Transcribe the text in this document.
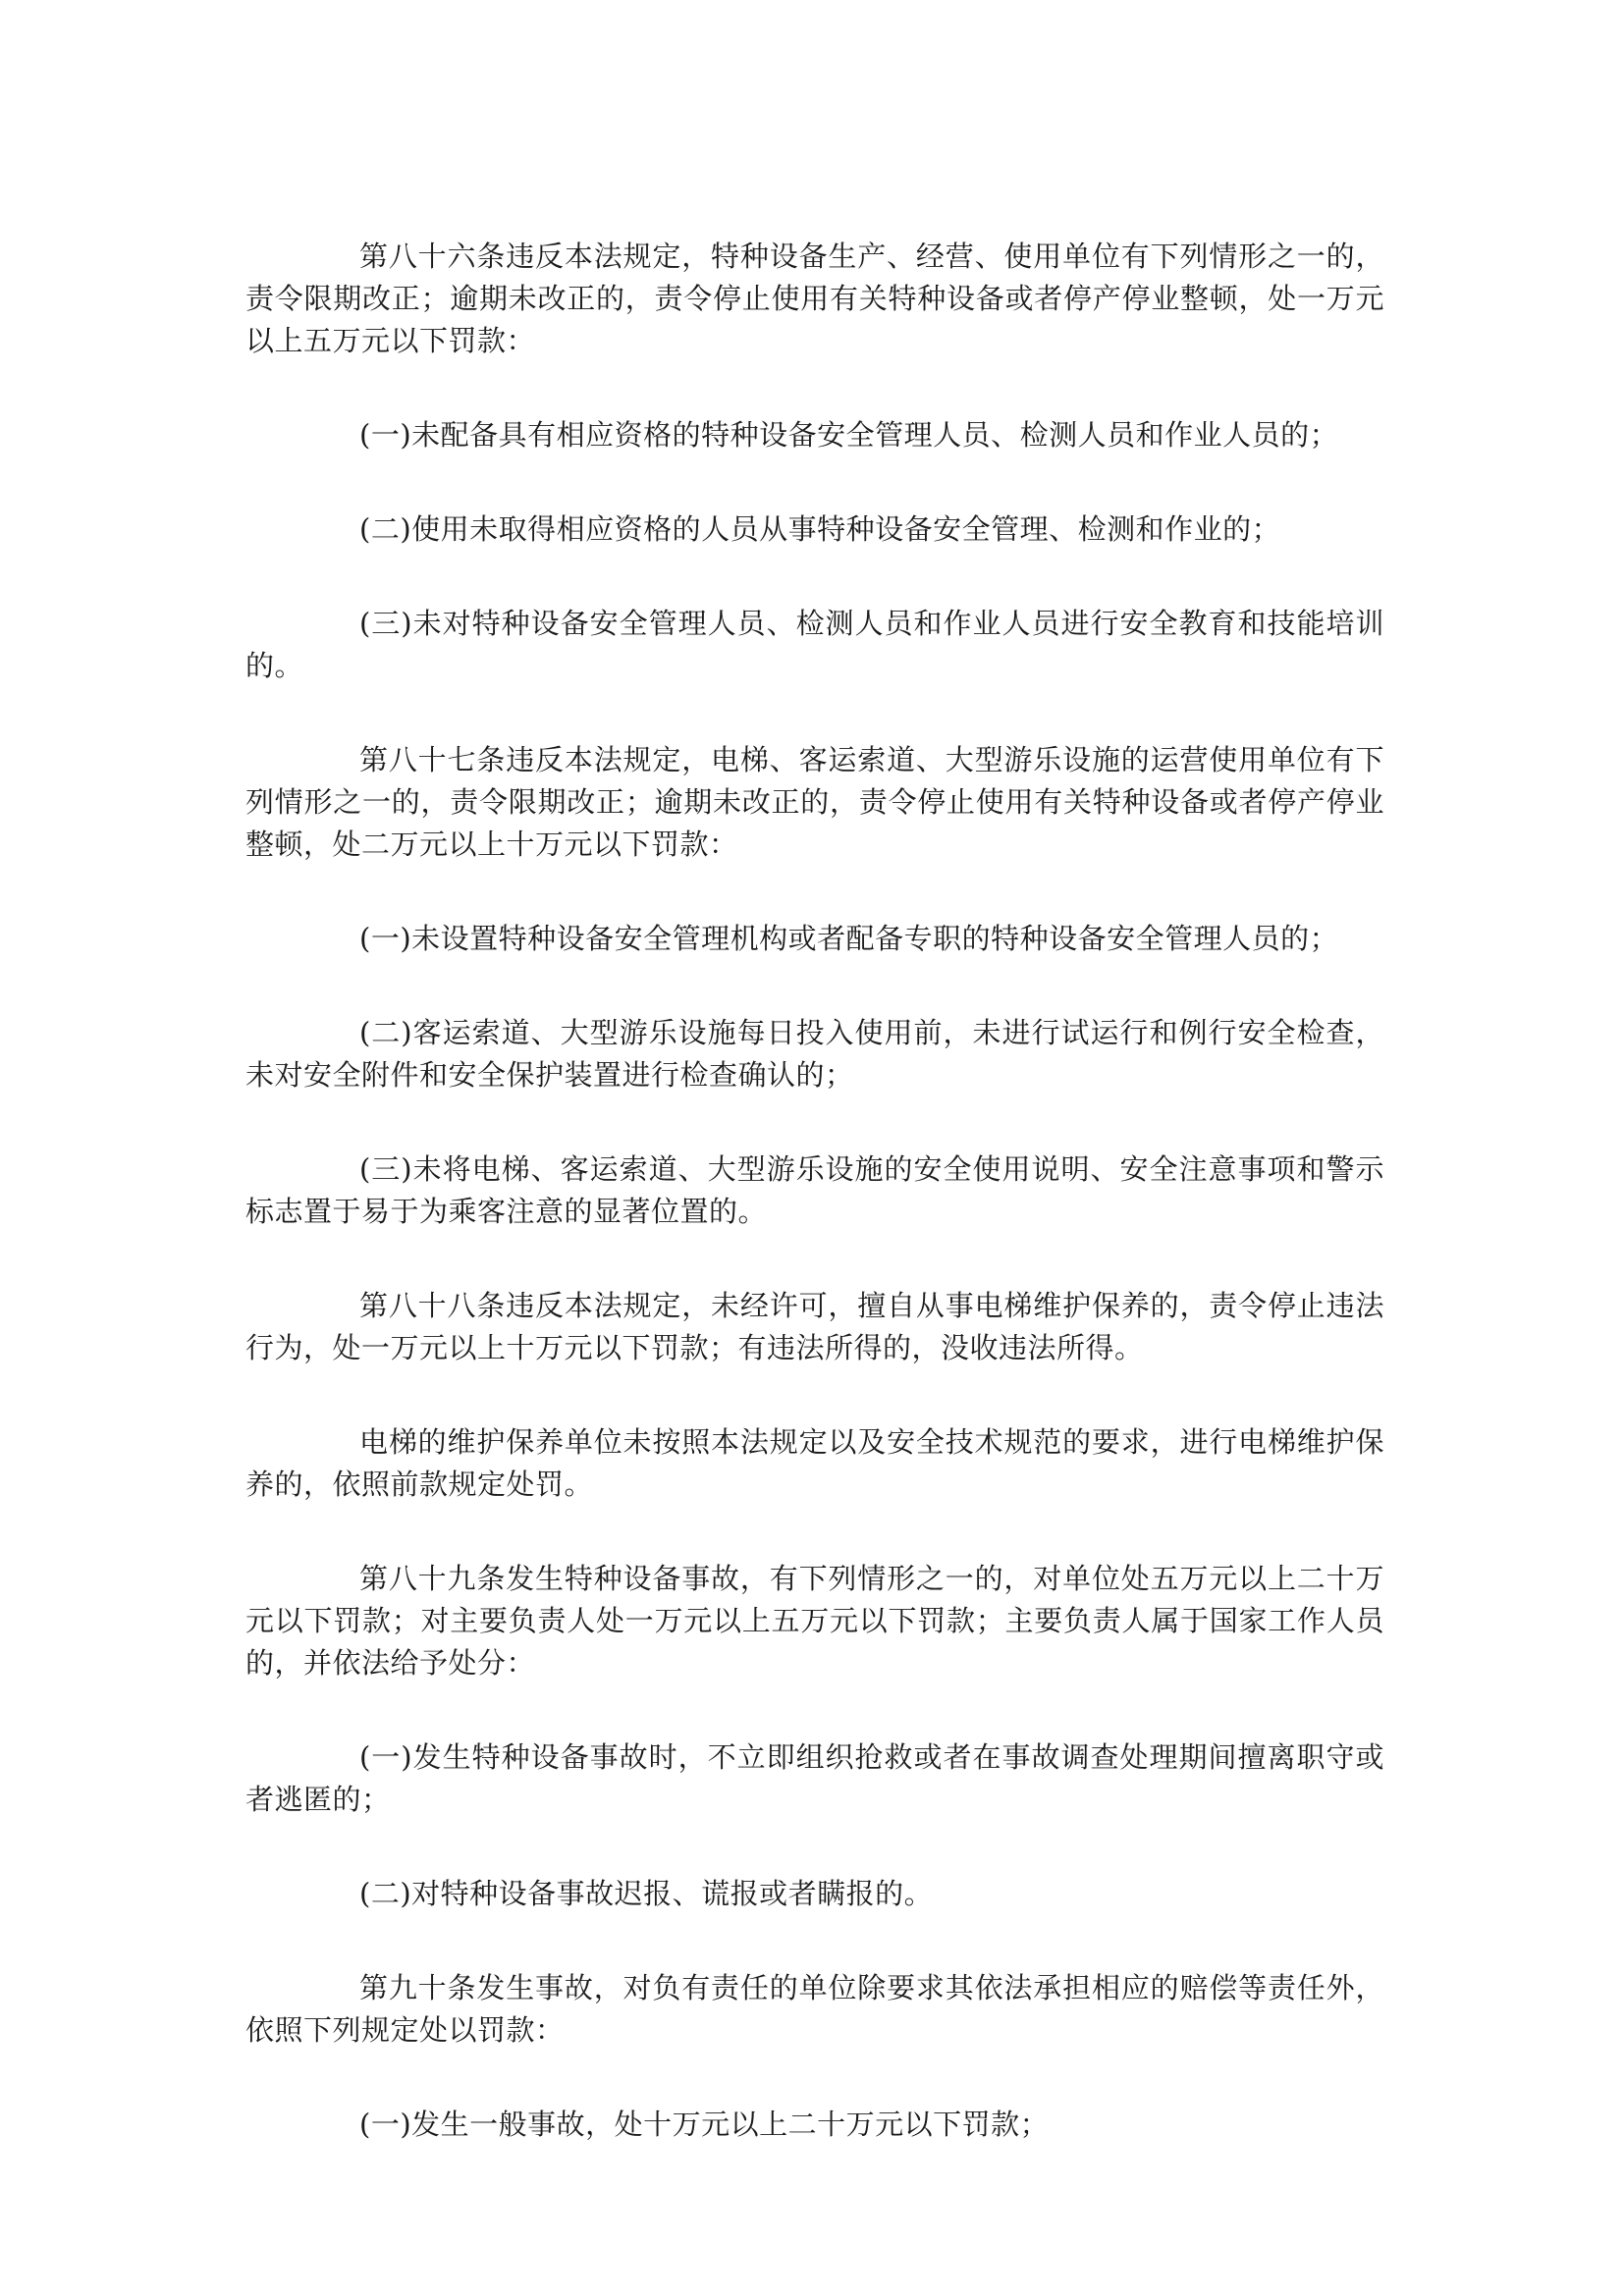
第八十六条违反本法规定，特种设备生产、经营、使用单位有下列情形之一的，责令限期改正；逾期未改正的，责令停止使用有关特种设备或者停产停业整顿，处一万元以上五万元以下罚款：

(一)未配备具有相应资格的特种设备安全管理人员、检测人员和作业人员的；

(二)使用未取得相应资格的人员从事特种设备安全管理、检测和作业的；

(三)未对特种设备安全管理人员、检测人员和作业人员进行安全教育和技能培训的。

第八十七条违反本法规定，电梯、客运索道、大型游乐设施的运营使用单位有下列情形之一的，责令限期改正；逾期未改正的，责令停止使用有关特种设备或者停产停业整顿，处二万元以上十万元以下罚款：

(一)未设置特种设备安全管理机构或者配备专职的特种设备安全管理人员的；

(二)客运索道、大型游乐设施每日投入使用前，未进行试运行和例行安全检查，未对安全附件和安全保护装置进行检查确认的；

(三)未将电梯、客运索道、大型游乐设施的安全使用说明、安全注意事项和警示标志置于易于为乘客注意的显著位置的。

第八十八条违反本法规定，未经许可，擅自从事电梯维护保养的，责令停止违法行为，处一万元以上十万元以下罚款；有违法所得的，没收违法所得。

电梯的维护保养单位未按照本法规定以及安全技术规范的要求，进行电梯维护保养的，依照前款规定处罚。

第八十九条发生特种设备事故，有下列情形之一的，对单位处五万元以上二十万元以下罚款；对主要负责人处一万元以上五万元以下罚款；主要负责人属于国家工作人员的，并依法给予处分：

(一)发生特种设备事故时，不立即组织抢救或者在事故调查处理期间擅离职守或者逃匿的；

(二)对特种设备事故迟报、谎报或者瞒报的。

第九十条发生事故，对负有责任的单位除要求其依法承担相应的赔偿等责任外，依照下列规定处以罚款：

(一)发生一般事故，处十万元以上二十万元以下罚款；
